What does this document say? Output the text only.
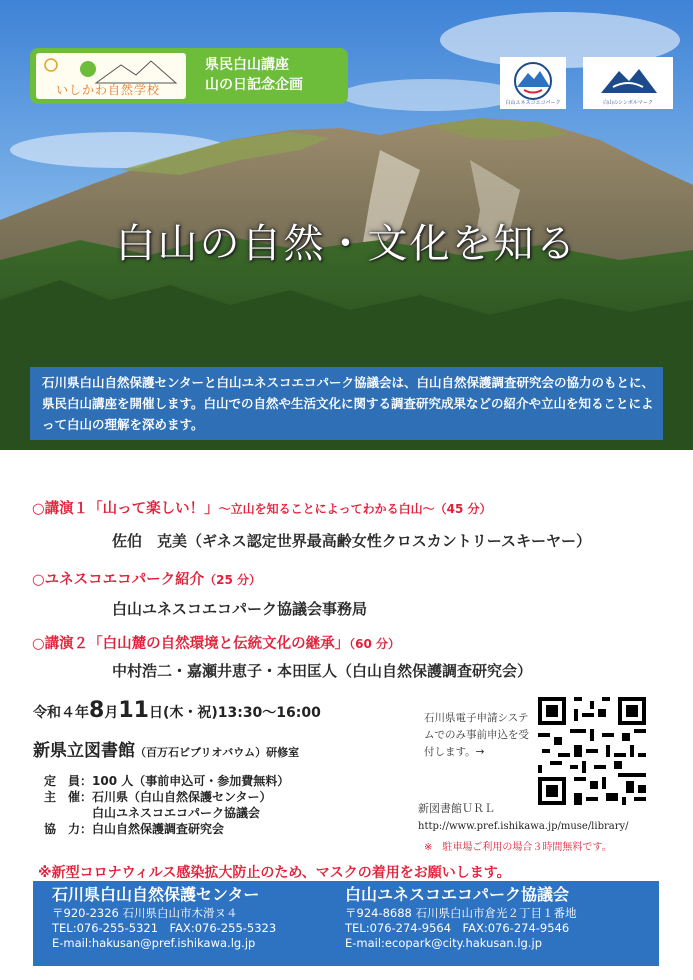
いしかわ自然学校
県民白山講座
山の日記念企画
白山ユネスコエコパーク	白山のシンボルマーク
白山の自然・文化を知る
石川県白山自然保護センターと白山ユネスコエコパーク協議会は、白山自然保護調査研究会の協力のもとに、県民白山講座を開催します。白山での自然や生活文化に関する調査研究成果などの紹介や立山を知ることによって白山の理解を深めます。
○講演１「山って楽しい！」～立山を知ることによってわかる白山～（45 分）
佐伯　克美（ギネス認定世界最高齢女性クロスカントリースキーヤー）
○ユネスコエコパーク紹介（25 分）
白山ユネスコエコパーク協議会事務局
○講演２「白山麓の自然環境と伝統文化の継承」（60 分）
中村浩二・嘉瀬井恵子・本田匡人（白山自然保護調査研究会）
令和４年8月11日(木・祝)13:30～16:00
新県立図書館（百万石ビブリオバウム）研修室
定　員：100 人（事前申込可・参加費無料）
主　催：石川県（白山自然保護センター）
　　　　白山ユネスコエコパーク協議会
協　力：白山自然保護調査研究会
石川県電子申請システムでのみ事前申込を受付します。→
新図書館ＵＲＬ
http://www.pref.ishikawa.jp/muse/library/
※　駐車場ご利用の場合３時間無料です。
※新型コロナウィルス感染拡大防止のため、マスクの着用をお願いします。
石川県白山自然保護センター
〒920-2326 石川県白山市木滑ヌ４
TEL:076-255-5321　FAX:076-255-5323
E-mail:hakusan@pref.ishikawa.lg.jp
白山ユネスコエコパーク協議会
〒924-8688 石川県白山市倉光２丁目１番地
TEL:076-274-9564　FAX:076-274-9546
E-mail:ecopark@city.hakusan.lg.jp
